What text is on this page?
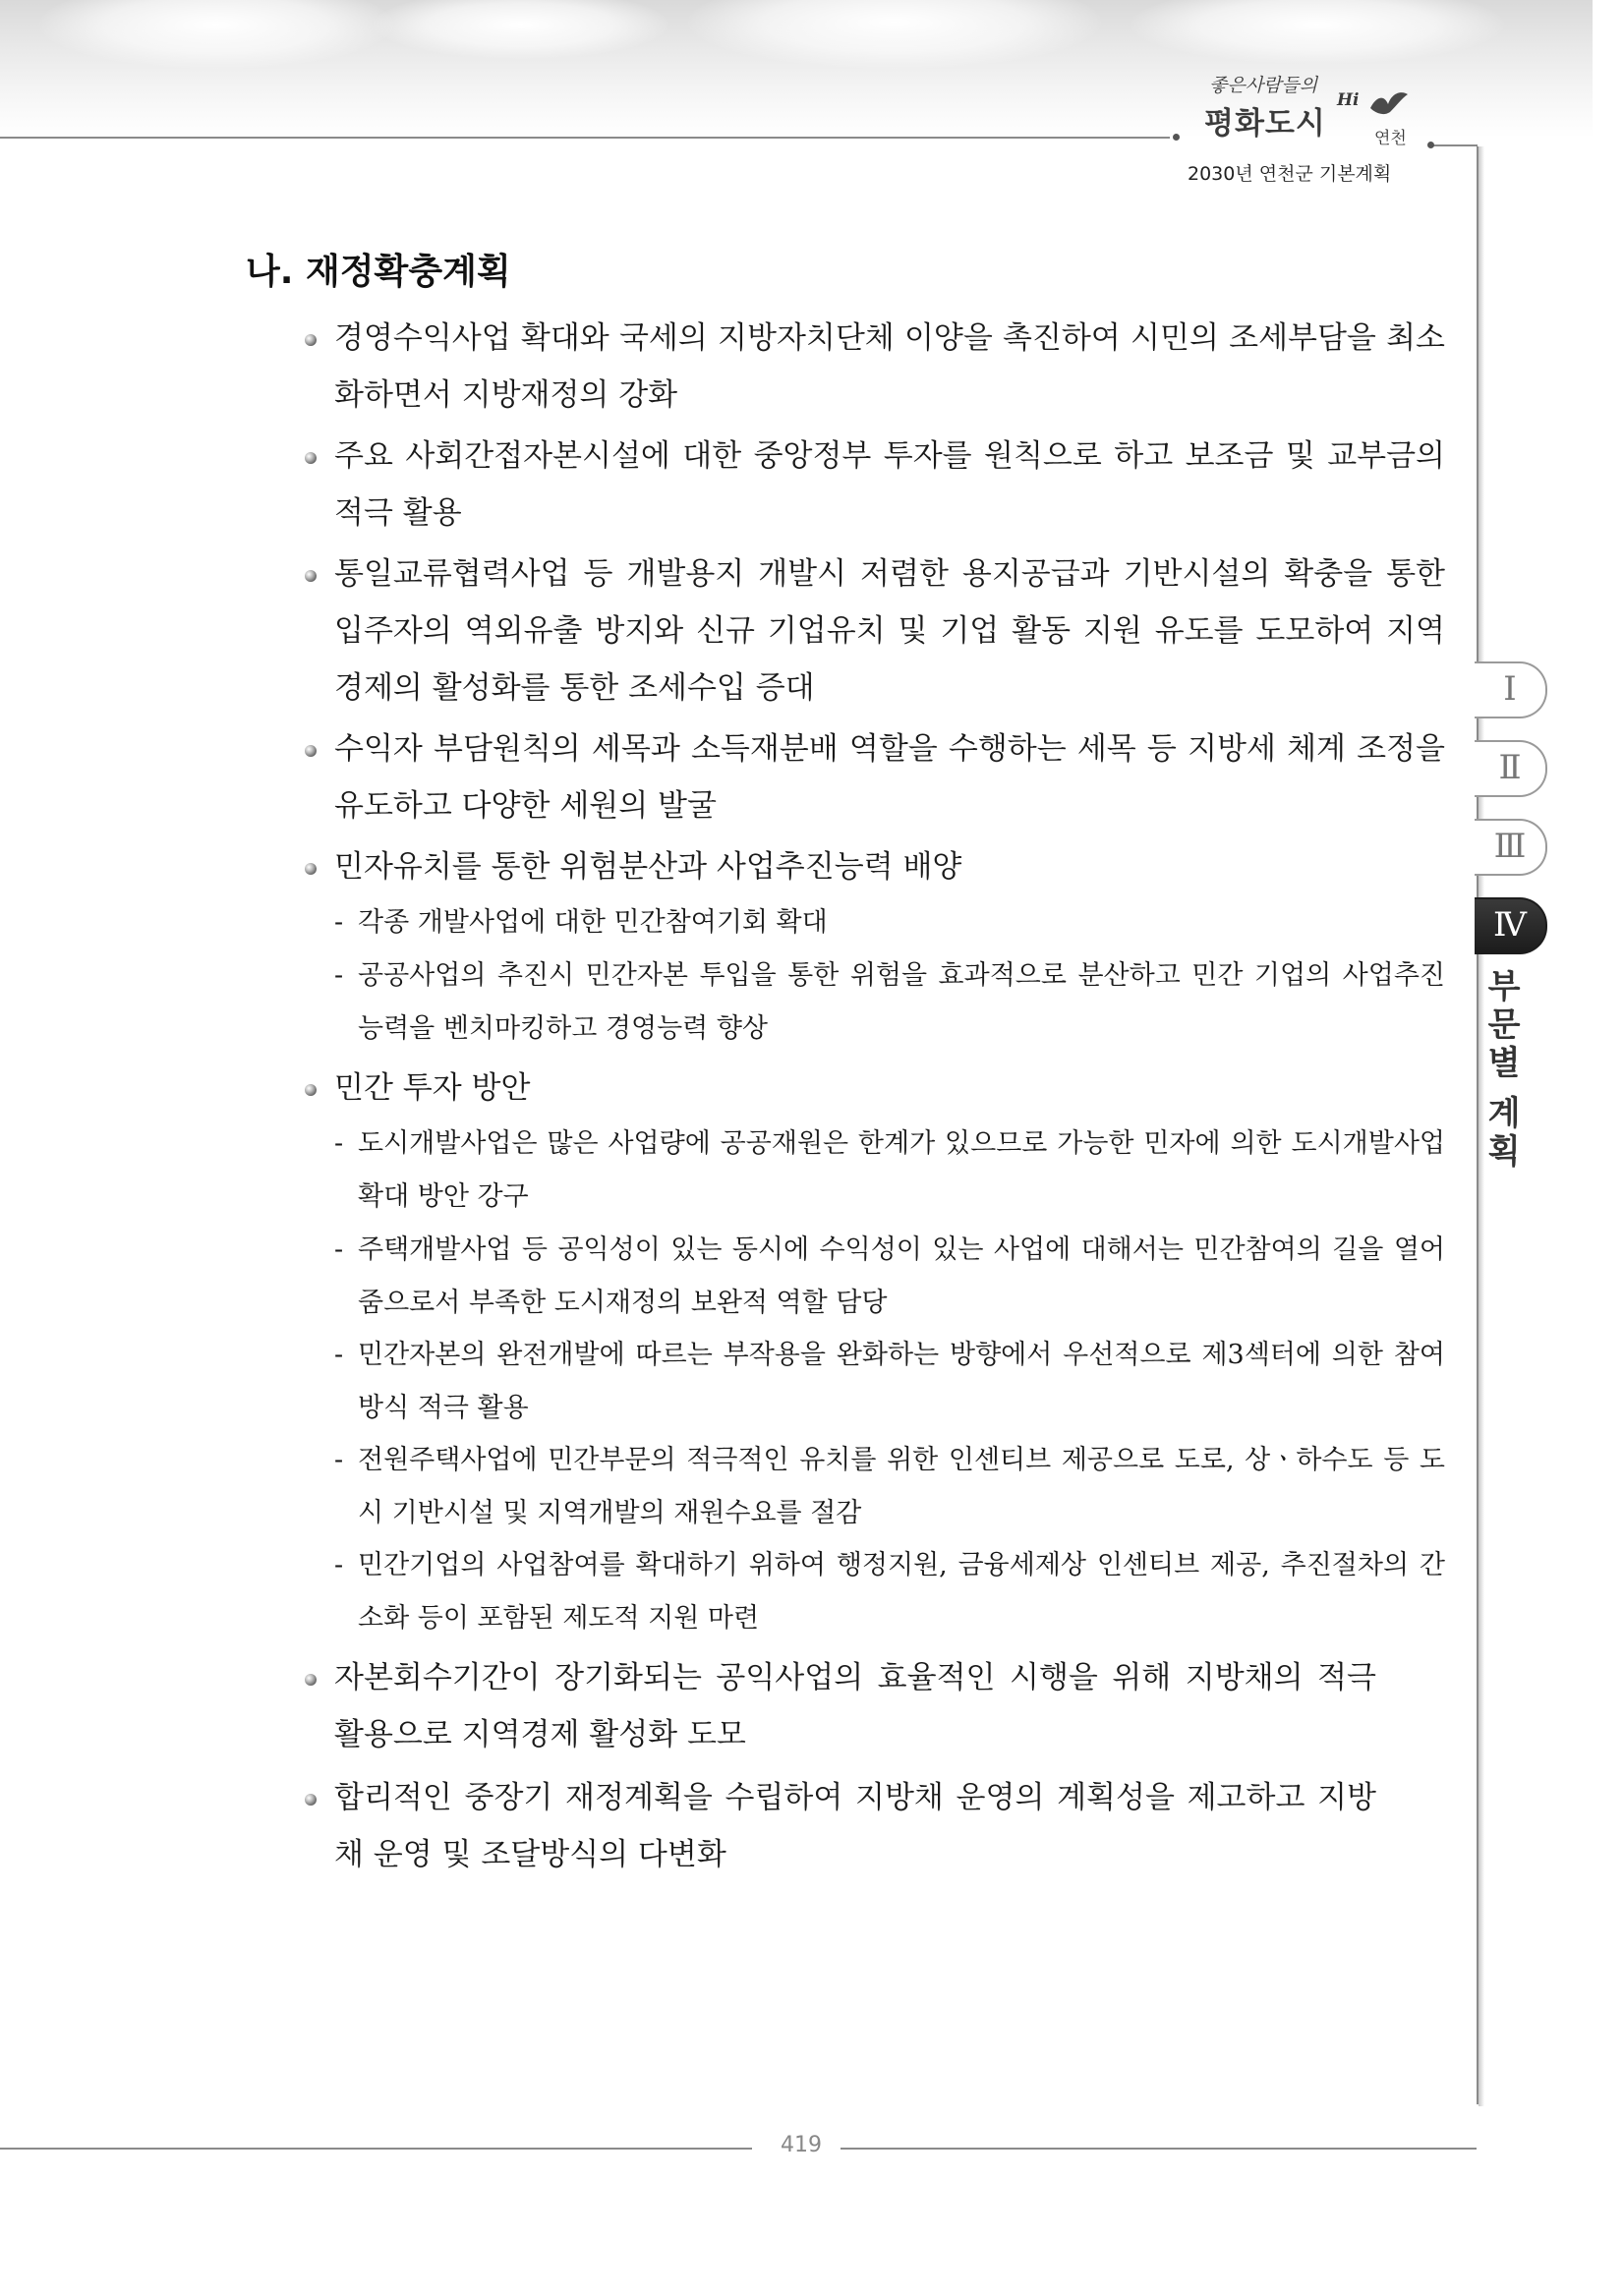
좋은사람들의
평화도시
Hi
연천
2030년 연천군 기본계획
Ⅰ
Ⅱ
Ⅲ
Ⅳ
부
문
별
계
획
나. 재정확충계획
경영수익사업 확대와 국세의 지방자치단체 이양을 촉진하여 시민의 조세부담을 최소화하면서 지방재정의 강화
주요 사회간접자본시설에 대한 중앙정부 투자를 원칙으로 하고 보조금 및 교부금의 적극 활용
통일교류협력사업 등 개발용지 개발시 저렴한 용지공급과 기반시설의 확충을 통한 입주자의 역외유출 방지와 신규 기업유치 및 기업 활동 지원 유도를 도모하여 지역 경제의 활성화를 통한 조세수입 증대
수익자 부담원칙의 세목과 소득재분배 역할을 수행하는 세목 등 지방세 체계 조정을 유도하고 다양한 세원의 발굴
민자유치를 통한 위험분산과 사업추진능력 배양
- 각종 개발사업에 대한 민간참여기회 확대
- 공공사업의 추진시 민간자본 투입을 통한 위험을 효과적으로 분산하고 민간 기업의 사업추진 능력을 벤치마킹하고 경영능력 향상
민간 투자 방안
- 도시개발사업은 많은 사업량에 공공재원은 한계가 있으므로 가능한 민자에 의한 도시개발사업 확대 방안 강구
- 주택개발사업 등 공익성이 있는 동시에 수익성이 있는 사업에 대해서는 민간참여의 길을 열어 줌으로서 부족한 도시재정의 보완적 역할 담당
- 민간자본의 완전개발에 따르는 부작용을 완화하는 방향에서 우선적으로 제3섹터에 의한 참여 방식 적극 활용
- 전원주택사업에 민간부문의 적극적인 유치를 위한 인센티브 제공으로 도로, 상ㆍ하수도 등 도시 기반시설 및 지역개발의 재원수요를 절감
- 민간기업의 사업참여를 확대하기 위하여 행정지원, 금융세제상 인센티브 제공, 추진절차의 간소화 등이 포함된 제도적 지원 마련
자본회수기간이 장기화되는 공익사업의 효율적인 시행을 위해 지방채의 적극 활용으로 지역경제 활성화 도모
합리적인 중장기 재정계획을 수립하여 지방채 운영의 계획성을 제고하고 지방채 운영 및 조달방식의 다변화
419
